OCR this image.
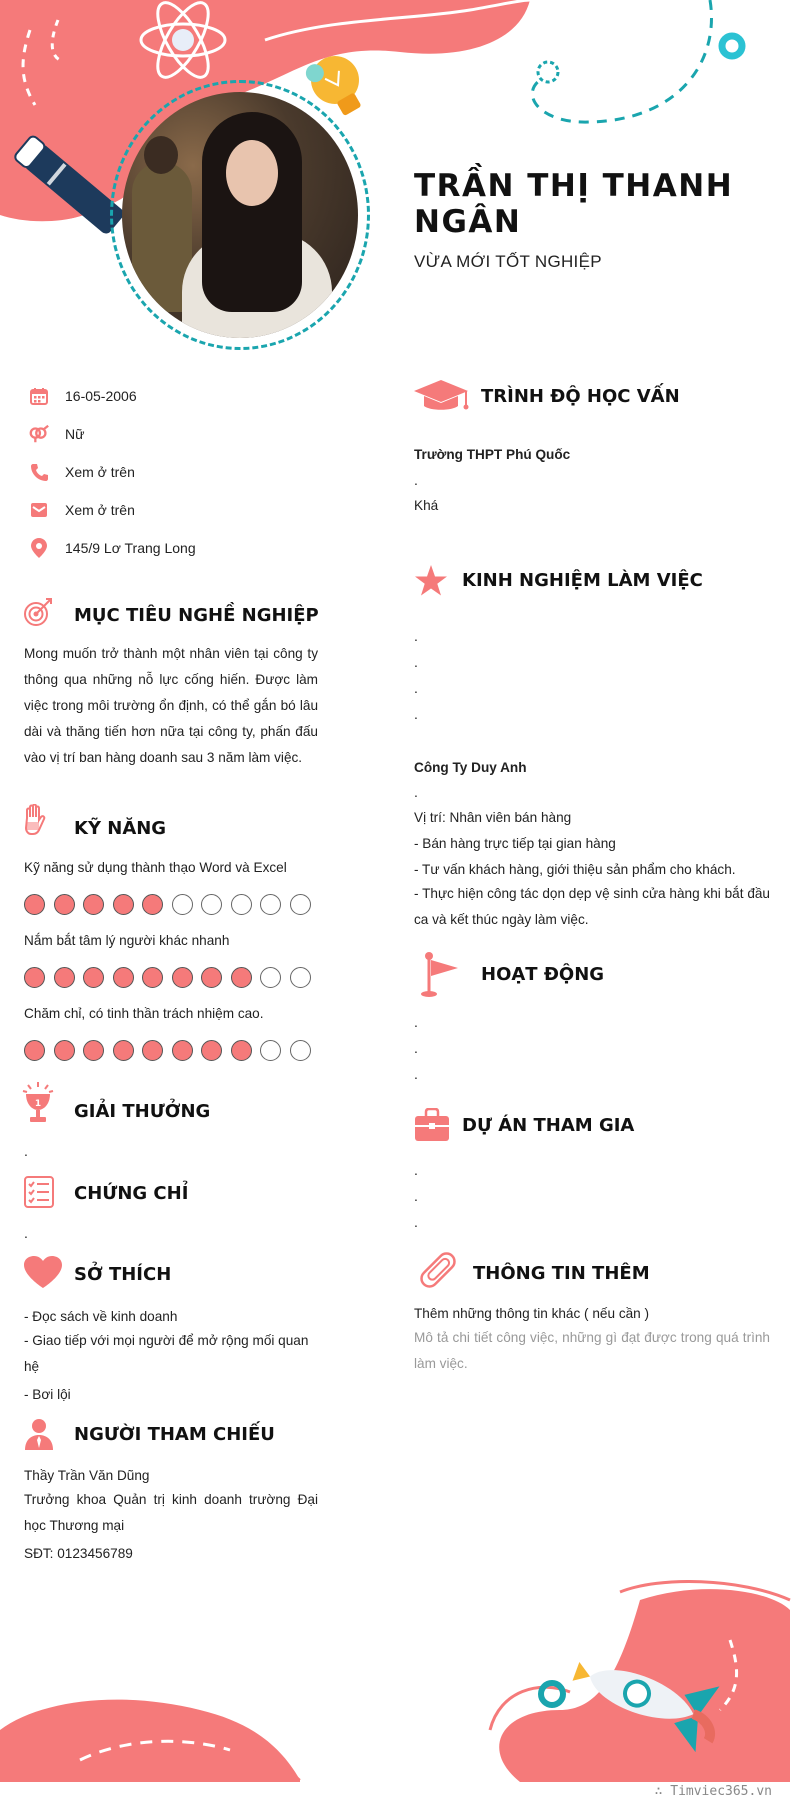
TRẦN THỊ THANH NGÂN
VỪA MỚI TỐT NGHIỆP
16-05-2006
Nữ
Xem ở trên
Xem ở trên
145/9 Lơ Trang Long
MỤC TIÊU NGHỀ NGHIỆP
Mong muốn trở thành một nhân viên tại công ty thông qua những nỗ lực cống hiến. Được làm việc trong môi trường ổn định, có thể gắn bó lâu dài và thăng tiến hơn nữa tại công ty, phấn đấu vào vị trí ban hàng doanh sau 3 năm làm việc.
KỸ NĂNG
Kỹ năng sử dụng thành thạo Word và Excel
Nắm bắt tâm lý người khác nhanh
Chăm chỉ, có tinh thần trách nhiệm cao.
1 GIẢI THƯỞNG
.
CHỨNG CHỈ
.
SỞ THÍCH
- Đọc sách về kinh doanh
- Giao tiếp với mọi người để mở rộng mối quan hệ
- Bơi lội
NGƯỜI THAM CHIẾU
Thầy Trần Văn Dũng
Trưởng khoa Quản trị kinh doanh trường Đại học Thương mại
SĐT: 0123456789
TRÌNH ĐỘ HỌC VẤN
Trường THPT Phú Quốc
.
Khá
KINH NGHIỆM LÀM VIỆC
.
.
.
.
Công Ty Duy Anh
.
Vị trí: Nhân viên bán hàng
- Bán hàng trực tiếp tại gian hàng
- Tư vấn khách hàng, giới thiệu sản phẩm cho khách.
- Thực hiện công tác dọn dẹp vệ sinh cửa hàng khi bắt đầu ca và kết thúc ngày làm việc.
HOẠT ĐỘNG
.
.
.
DỰ ÁN THAM GIA
.
.
.
THÔNG TIN THÊM
Thêm những thông tin khác ( nếu cần )
Mô tả chi tiết công việc, những gì đạt được trong quá trình làm việc.
∴ Timviec365.vn
